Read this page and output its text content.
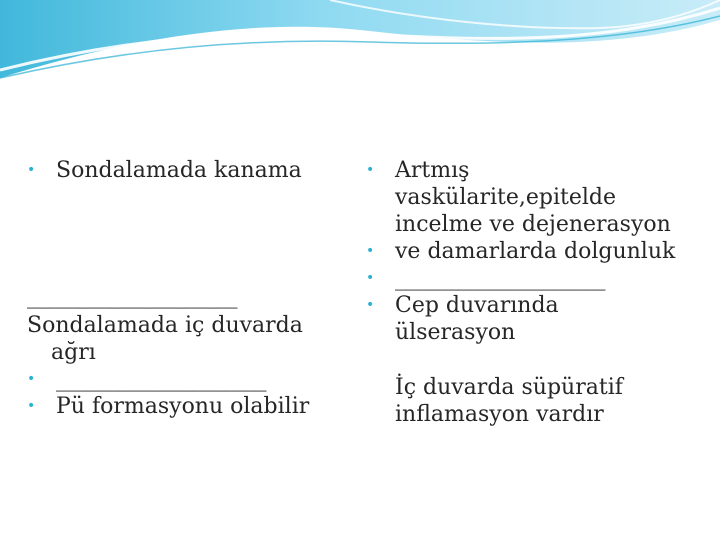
• Sondalamada kanama
____________________
Sondalamada iç duvarda
ağrı
• ____________________
• Pü formasyonu olabilir
• Artmış
vaskülarite,epitelde
incelme ve dejenerasyon
• ve damarlarda dolgunluk
• ____________________
• Cep duvarında
ülserasyon
İç duvarda süpüratif
inflamasyon vardır
